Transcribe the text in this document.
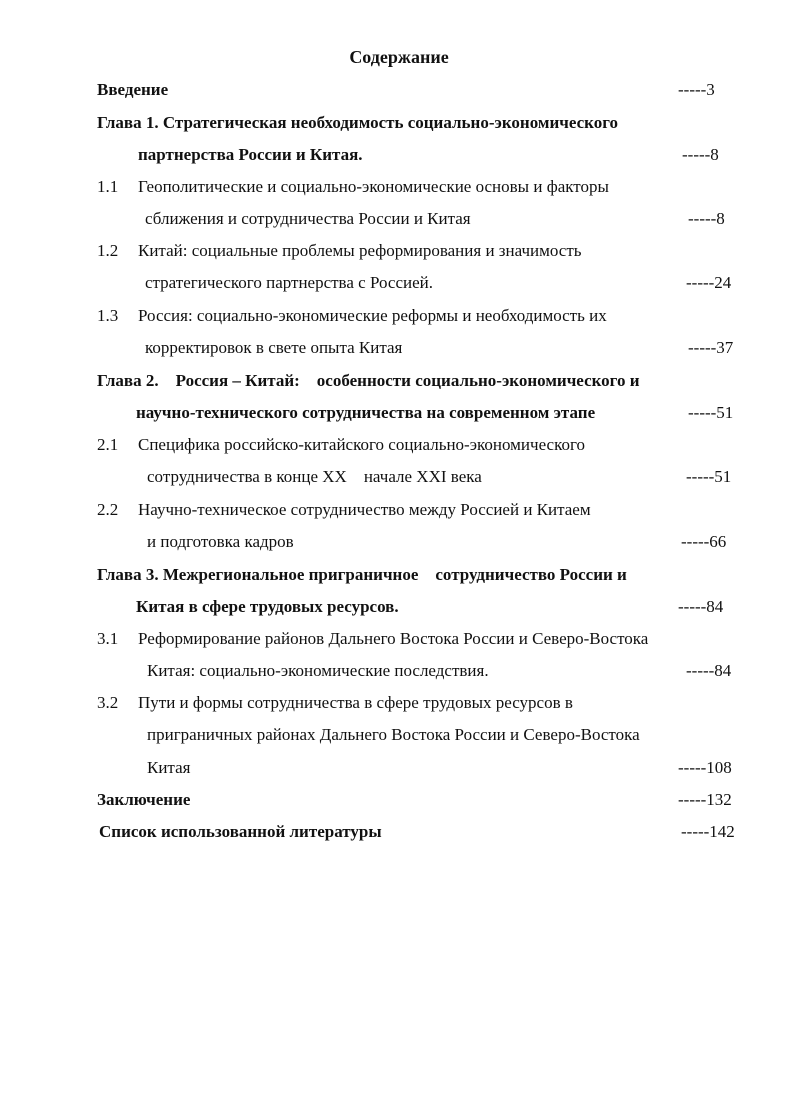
Содержание
Введение	-----3
Глава 1. Стратегическая необходимость социально-экономического
партнерства России и Китая.	-----8
1.1 Геополитические и социально-экономические основы и факторы
сближения и сотрудничества России и Китая	-----8
1.2 Китай: социальные проблемы реформирования и значимость
стратегического партнерства с Россией.	-----24
1.3 Россия: социально-экономические реформы и необходимость их
корректировок в свете опыта Китая	-----37
Глава 2.    Россия – Китай:    особенности социально-экономического и
научно-технического сотрудничества на современном этапе	-----51
2.1 Специфика российско-китайского социально-экономического
сотрудничества в конце XX    начале XXI века	-----51
2.2 Научно-техническое сотрудничество между Россией и Китаем
и подготовка кадров	-----66
Глава 3. Межрегиональное приграничное    сотрудничество России и
Китая в сфере трудовых ресурсов.	-----84
3.1 Реформирование районов Дальнего Востока России и Северо-Востока
Китая: социально-экономические последствия.	-----84
3.2 Пути и формы сотрудничества в сфере трудовых ресурсов в
приграничных районах Дальнего Востока России и Северо-Востока
Китая	-----108
Заключение	-----132
Список использованной литературы	-----142
